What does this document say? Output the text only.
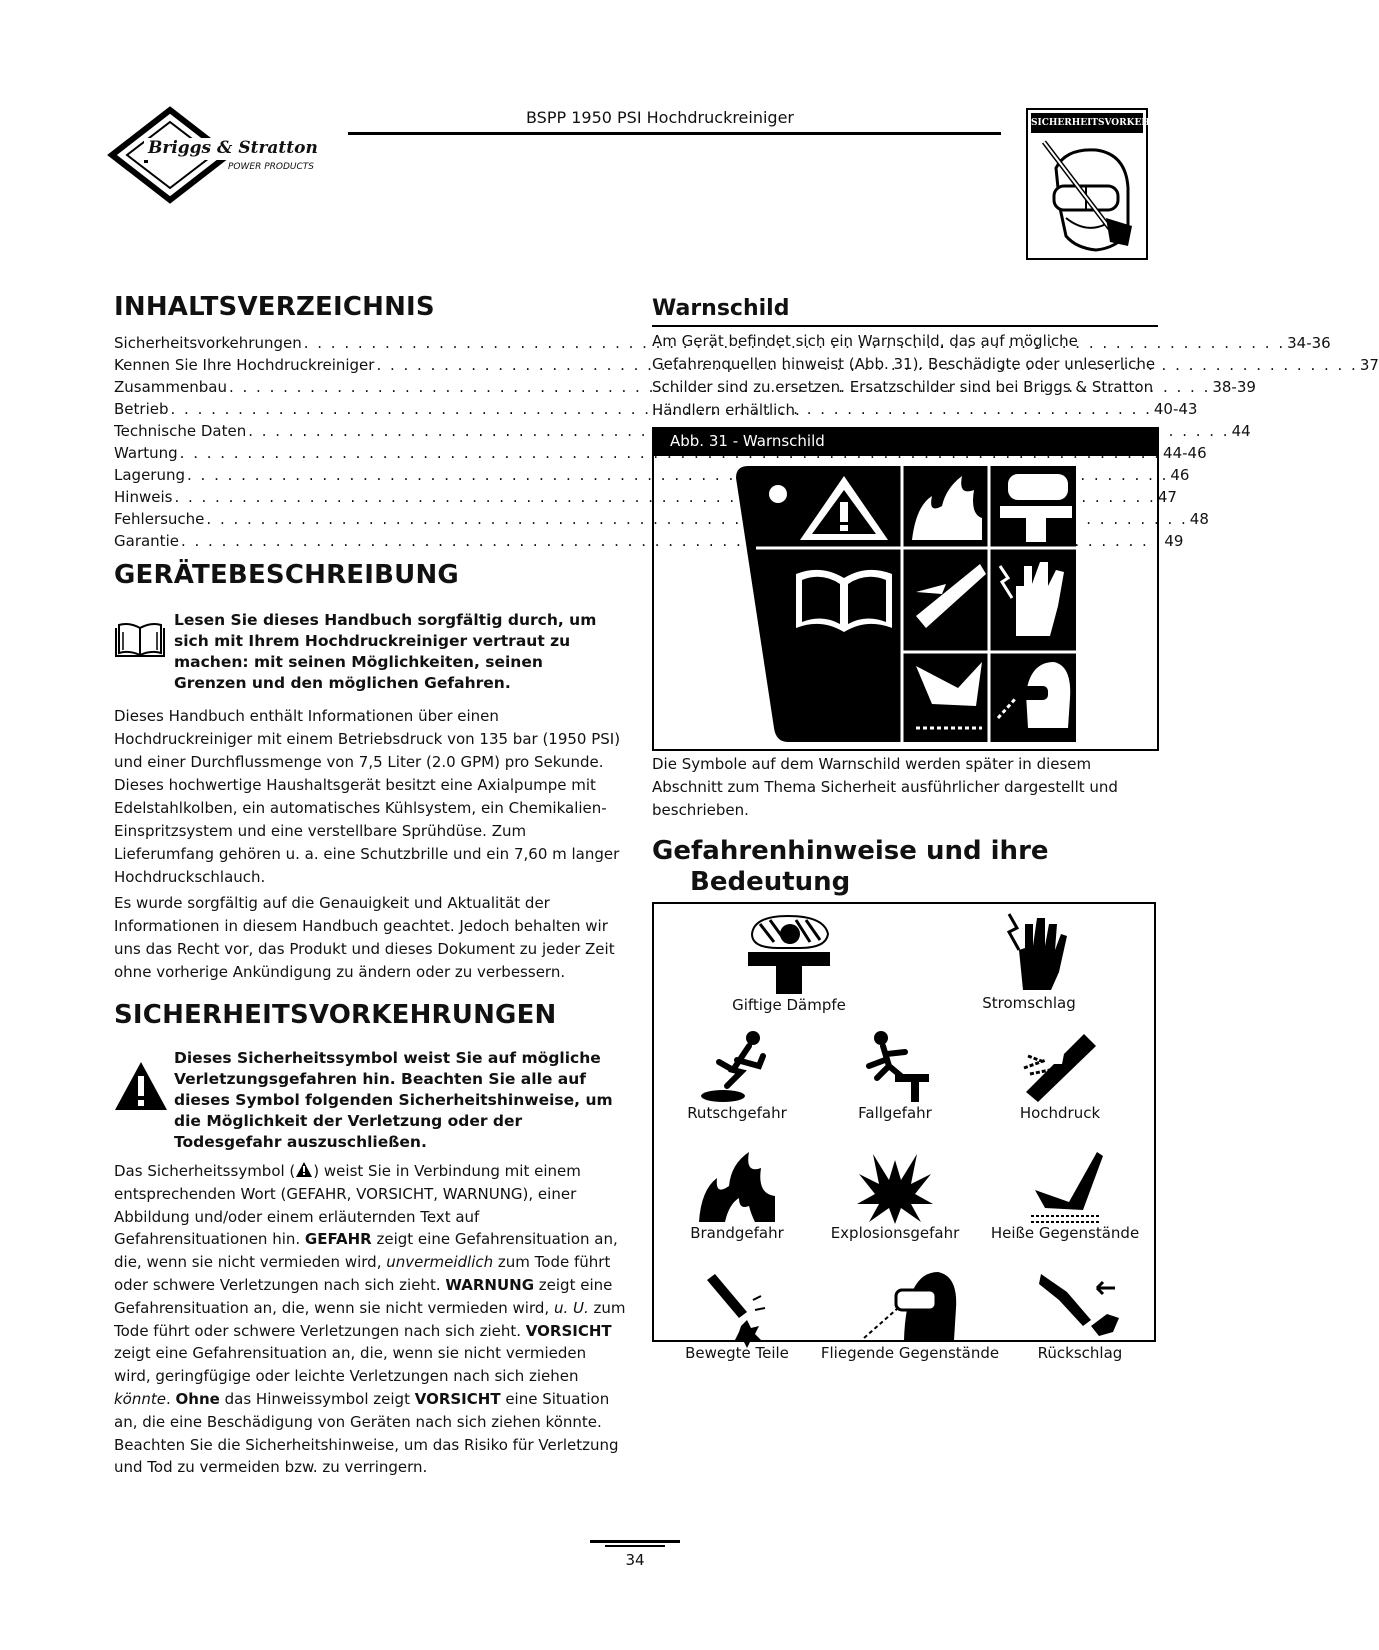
Briggs & Stratton
POWER PRODUCTS
BSPP 1950 PSI Hochdruckreiniger	SICHERHEITSVORKEHRUNGEN
INHALTSVERZEICHNIS
Sicherheitsvorkehrungen . . .	34-36
Kennen Sie Ihre Hochdruckreiniger . . .	37
Zusammenbau . . .	38-39
Betrieb . . .	40-43
Technische Daten . . .	44
Wartung . . .	44-46
Lagerung . . .	46
Hinweis . . .	47
Fehlersuche . . .	48
Garantie . . .	49
GERÄTEBESCHREIBUNG
Lesen Sie dieses Handbuch sorgfältig durch, um sich mit Ihrem Hochdruckreiniger vertraut zu machen: mit seinen Möglichkeiten, seinen Grenzen und den möglichen Gefahren.
Dieses Handbuch enthält Informationen über einen Hochdruckreiniger mit einem Betriebsdruck von 135 bar (1950 PSI) und einer Durchflussmenge von 7,5 Liter (2.0 GPM) pro Sekunde. Dieses hochwertige Haushaltsgerät besitzt eine Axialpumpe mit Edelstahlkolben, ein automatisches Kühlsystem, ein Chemikalien-Einspritzsystem und eine verstellbare Sprühdüse. Zum Lieferumfang gehören u. a. eine Schutzbrille und ein 7,60 m langer Hochdruckschlauch.
Es wurde sorgfältig auf die Genauigkeit und Aktualität der Informationen in diesem Handbuch geachtet. Jedoch behalten wir uns das Recht vor, das Produkt und dieses Dokument zu jeder Zeit ohne vorherige Ankündigung zu ändern oder zu verbessern.
SICHERHEITSVORKEHRUNGEN
Dieses Sicherheitssymbol weist Sie auf mögliche Verletzungsgefahren hin. Beachten Sie alle auf dieses Symbol folgenden Sicherheitshinweise, um die Möglichkeit der Verletzung oder der Todesgefahr auszuschließen.
Das Sicherheitssymbol ( ) weist Sie in Verbindung mit einem entsprechenden Wort (GEFAHR, VORSICHT, WARNUNG), einer Abbildung und/oder einem erläuternden Text auf Gefahrensituationen hin. GEFAHR zeigt eine Gefahrensituation an, die, wenn sie nicht vermieden wird, unvermeidlich zum Tode führt oder schwere Verletzungen nach sich zieht. WARNUNG zeigt eine Gefahrensituation an, die, wenn sie nicht vermieden wird, u. U. zum Tode führt oder schwere Verletzungen nach sich zieht. VORSICHT zeigt eine Gefahrensituation an, die, wenn sie nicht vermieden wird, geringfügige oder leichte Verletzungen nach sich ziehen könnte. Ohne das Hinweissymbol zeigt VORSICHT eine Situation an, die eine Beschädigung von Geräten nach sich ziehen könnte. Beachten Sie die Sicherheitshinweise, um das Risiko für Verletzung und Tod zu vermeiden bzw. zu verringern.
Warnschild
Am Gerät befindet sich ein Warnschild, das auf mögliche Gefahrenquellen hinweist (Abb. 31). Beschädigte oder unleserliche Schilder sind zu ersetzen. Ersatzschilder sind bei Briggs & Stratton Händlern erhältlich.
Abb. 31 - Warnschild
Die Symbole auf dem Warnschild werden später in diesem Abschnitt zum Thema Sicherheit ausführlicher dargestellt und beschrieben.
Gefahrenhinweise und ihre
Bedeutung
Giftige Dämpfe	Stromschlag
Rutschgefahr	Fallgefahr	Hochdruck
Brandgefahr	Explosionsgefahr	Heiße Gegenstände
Bewegte Teile	Fliegende Gegenstände	Rückschlag
34
